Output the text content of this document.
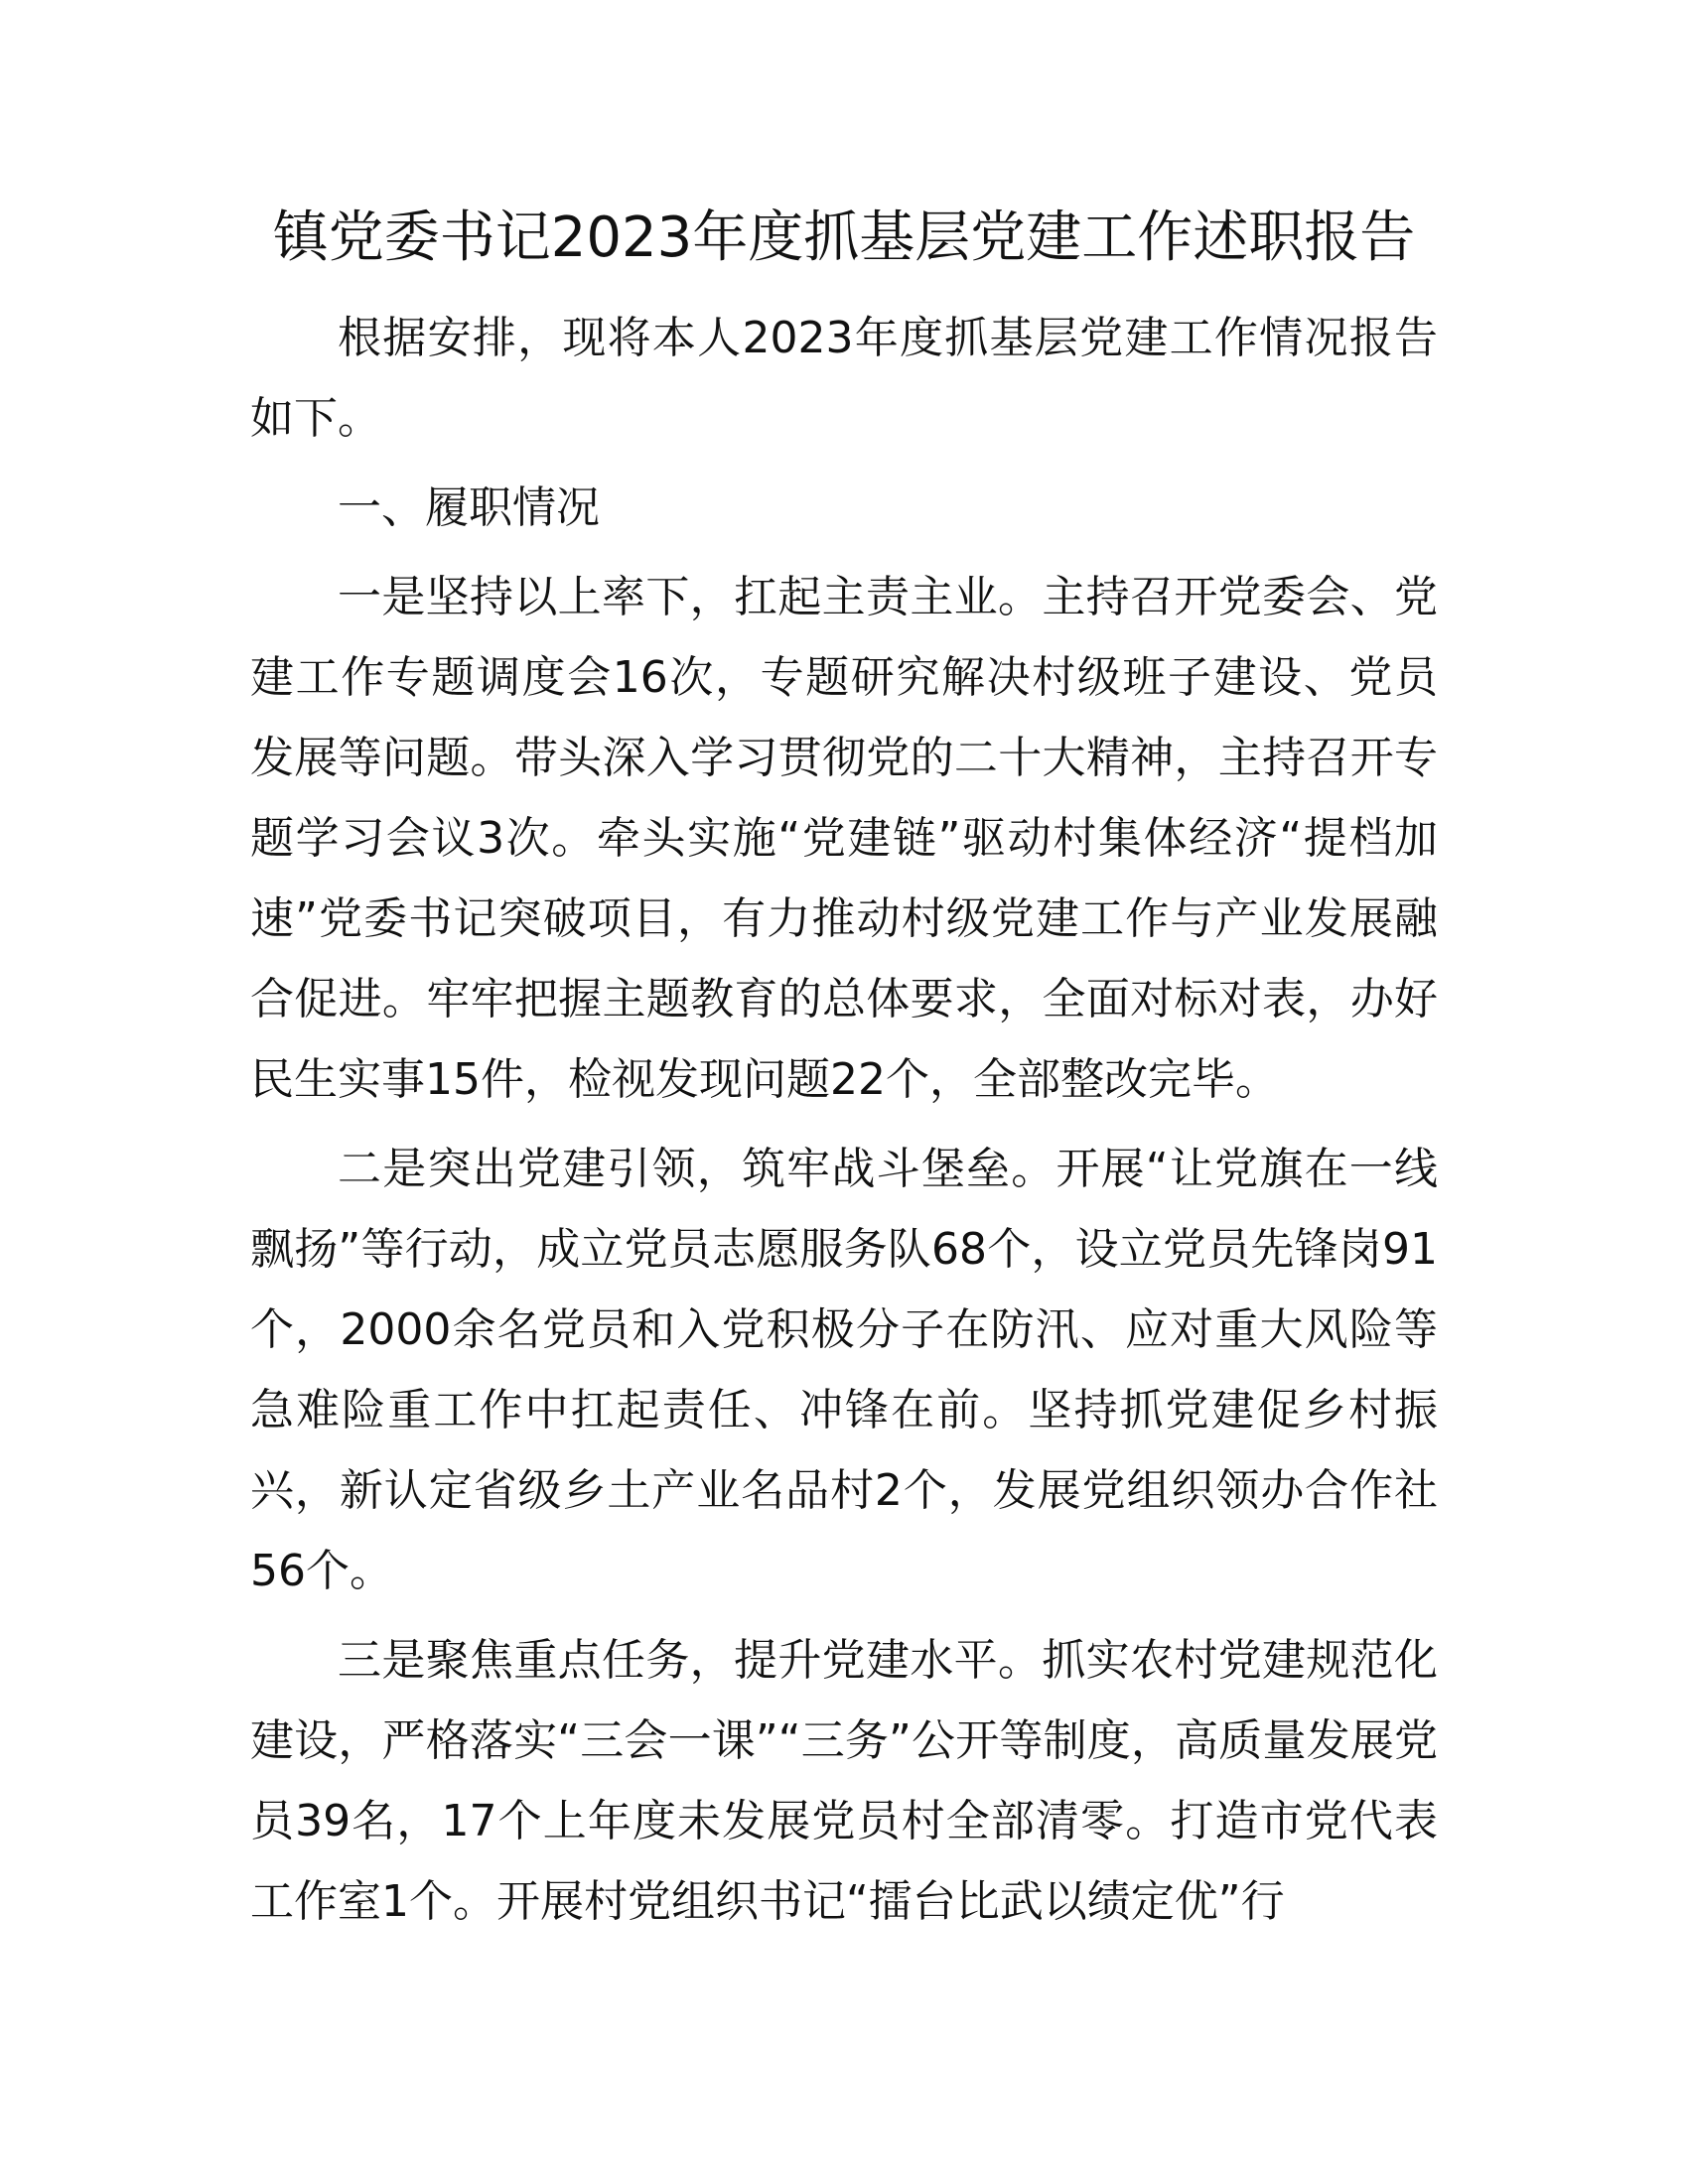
镇党委书记2023年度抓基层党建工作述职报告

根据安排，现将本人2023年度抓基层党建工作情况报告如下。

一、履职情况

一是坚持以上率下，扛起主责主业。主持召开党委会、党建工作专题调度会16次，专题研究解决村级班子建设、党员发展等问题。带头深入学习贯彻党的二十大精神，主持召开专题学习会议3次。牵头实施“党建链”驱动村集体经济“提档加速”党委书记突破项目，有力推动村级党建工作与产业发展融合促进。牢牢把握主题教育的总体要求，全面对标对表，办好民生实事15件，检视发现问题22个，全部整改完毕。

二是突出党建引领，筑牢战斗堡垒。开展“让党旗在一线飘扬”等行动，成立党员志愿服务队68个，设立党员先锋岗91个，2000余名党员和入党积极分子在防汛、应对重大风险等急难险重工作中扛起责任、冲锋在前。坚持抓党建促乡村振兴，新认定省级乡土产业名品村2个，发展党组织领办合作社56个。

三是聚焦重点任务，提升党建水平。抓实农村党建规范化建设，严格落实“三会一课”“三务”公开等制度，高质量发展党员39名，17个上年度未发展党员村全部清零。打造市党代表工作室1个。开展村党组织书记“擂台比武以绩定优”行
